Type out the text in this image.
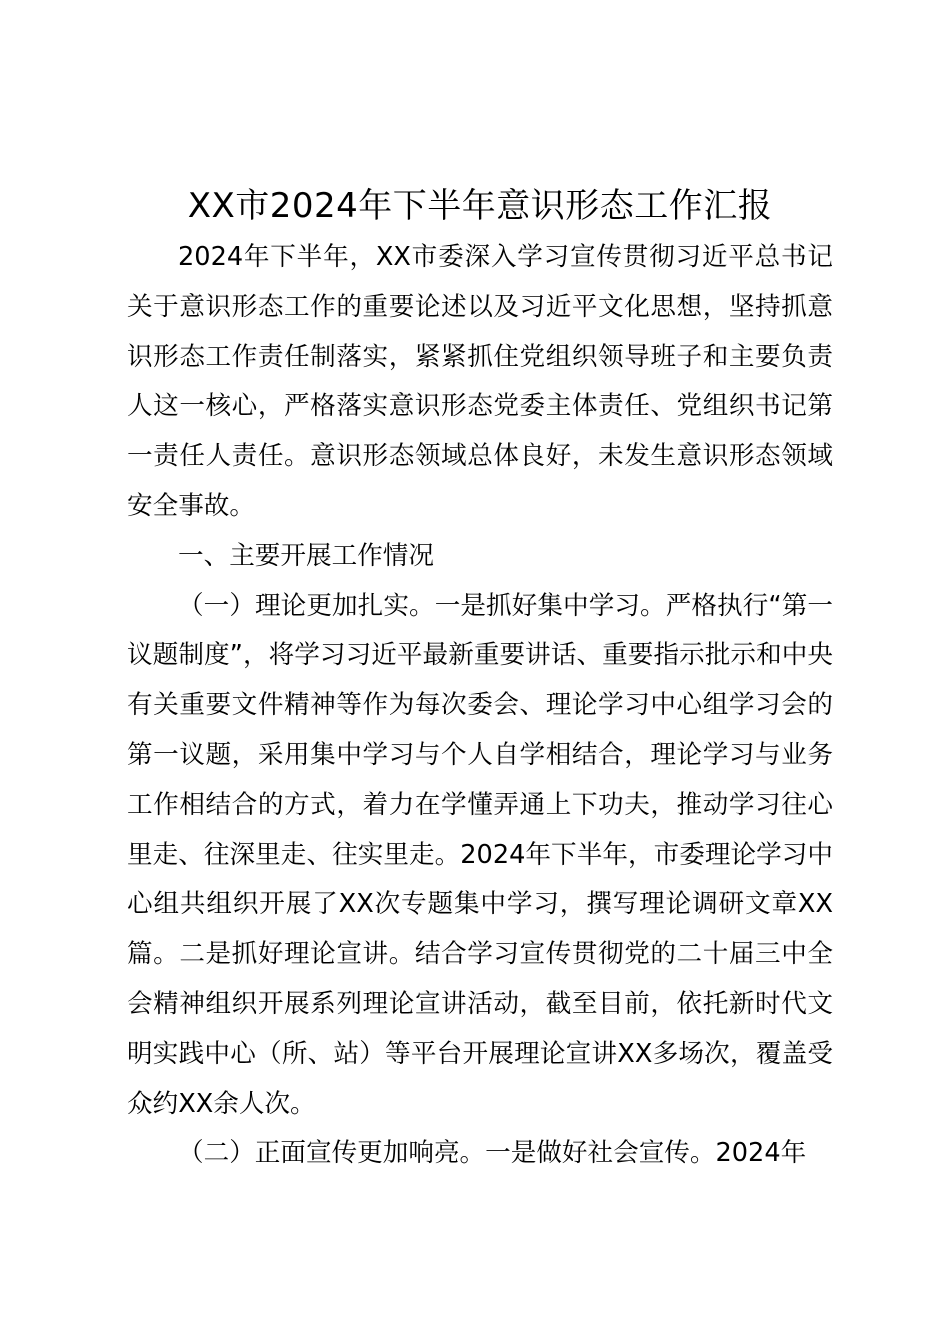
XX市2024年下半年意识形态工作汇报

2024年下半年，XX市委深入学习宣传贯彻习近平总书记关于意识形态工作的重要论述以及习近平文化思想，坚持抓意识形态工作责任制落实，紧紧抓住党组织领导班子和主要负责人这一核心，严格落实意识形态党委主体责任、党组织书记第一责任人责任。意识形态领域总体良好，未发生意识形态领域安全事故。

一、主要开展工作情况

（一）理论更加扎实。一是抓好集中学习。严格执行“第一议题制度”，将学习习近平最新重要讲话、重要指示批示和中央有关重要文件精神等作为每次委会、理论学习中心组学习会的第一议题，采用集中学习与个人自学相结合，理论学习与业务工作相结合的方式，着力在学懂弄通上下功夫，推动学习往心里走、往深里走、往实里走。2024年下半年，市委理论学习中心组共组织开展了XX次专题集中学习，撰写理论调研文章XX篇。二是抓好理论宣讲。结合学习宣传贯彻党的二十届三中全会精神组织开展系列理论宣讲活动，截至目前，依托新时代文明实践中心（所、站）等平台开展理论宣讲XX多场次，覆盖受众约XX余人次。

（二）正面宣传更加响亮。一是做好社会宣传。2024年
